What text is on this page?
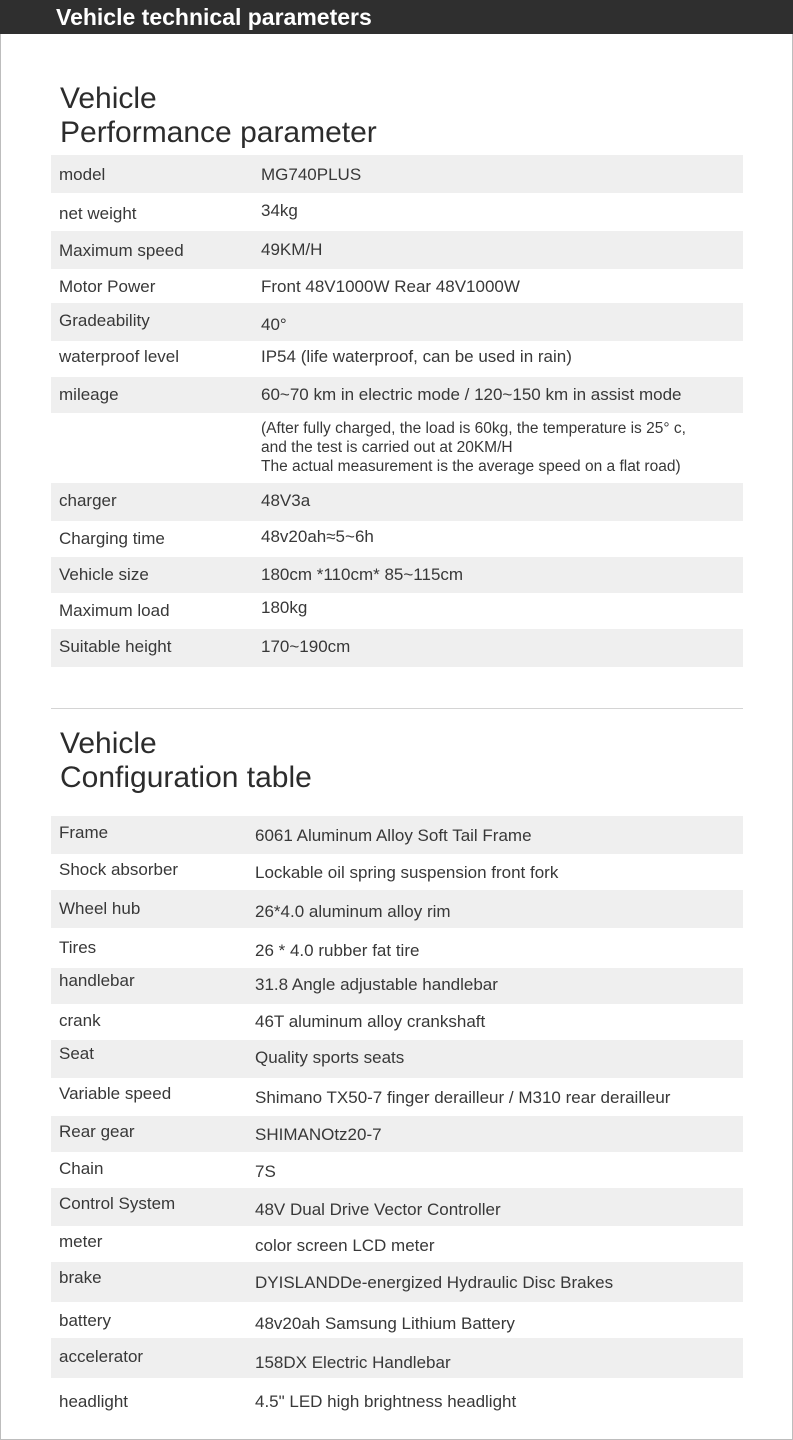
Vehicle technical parameters
Vehicle
Performance parameter
model	MG740PLUS
net weight	34kg
Maximum speed	49KM/H
Motor Power	Front 48V1000W Rear 48V1000W
Gradeability	40°
waterproof level	IP54 (life waterproof, can be used in rain)
mileage	60~70 km in electric mode / 120~150 km in assist mode
(After fully charged, the load is 60kg, the temperature is 25° c,
and the test is carried out at 20KM/H
The actual measurement is the average speed on a flat road)
charger	48V3a
Charging time	48v20ah≈5~6h
Vehicle size	180cm *110cm* 85~115cm
Maximum load	180kg
Suitable height	170~190cm
Vehicle
Configuration table
Frame	6061 Aluminum Alloy Soft Tail Frame
Shock absorber	Lockable oil spring suspension front fork
Wheel hub	26*4.0 aluminum alloy rim
Tires	26 * 4.0 rubber fat tire
handlebar	31.8 Angle adjustable handlebar
crank	46T aluminum alloy crankshaft
Seat	Quality sports seats
Variable speed	Shimano TX50-7 finger derailleur / M310 rear derailleur
Rear gear	SHIMANOtz20-7
Chain	7S
Control System	48V Dual Drive Vector Controller
meter	color screen LCD meter
brake	DYISLANDDe-energized Hydraulic Disc Brakes
battery	48v20ah Samsung Lithium Battery
accelerator	158DX Electric Handlebar
headlight	4.5" LED high brightness headlight
